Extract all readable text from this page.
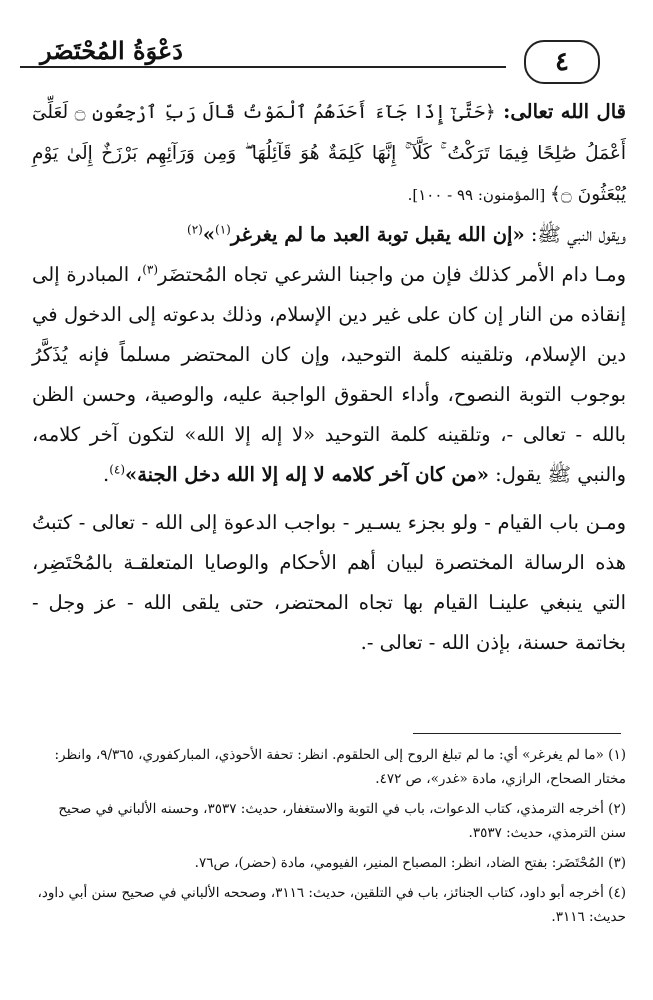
دَعْوَةُ المُحْتَضَر	٤

قال الله تعالى: ﴿حَتَّىٰٓ إِذَا جَآءَ أَحَدَهُمُ ٱلْمَوْتُ قَالَ رَبِّ ٱرْجِعُونِ ۝ لَعَلِّىٓ أَعْمَلُ صَٰلِحًا فِيمَا تَرَكْتُ ۚ كَلَّآ ۚ إِنَّهَا كَلِمَةٌ هُوَ قَآئِلُهَا ۖ وَمِن وَرَآئِهِم بَرْزَخٌ إِلَىٰ يَوْمِ يُبْعَثُونَ ۝﴾ [المؤمنون: ٩٩ - ١٠٠].

ويقول النبي ﷺ: «إن الله يقبل توبة العبد ما لم يغرغر$^{(١)}$»$^{(٢)}$

ومـا دام الأمر كذلك فإن من واجبنا الشرعي تجاه المُحتضَر$^{(٣)}$، المبادرة إلى إنقاذه من النار إن كان على غير دين الإسلام، وذلك بدعوته إلى الدخول في دين الإسلام، وتلقينه كلمة التوحيد، وإن كان المحتضر مسلماً فإنه يُذَكَّرُ بوجوب التوبة النصوح، وأداء الحقوق الواجبة عليه، والوصية، وحسن الظن بالله - تعالى -، وتلقينه كلمة التوحيد «لا إله إلا الله» لتكون آخر كلامه، والنبي ﷺ يقول: «من كان آخر كلامه لا إله إلا الله دخل الجنة»$^{(٤)}$.

ومـن باب القيام - ولو بجزء يسـير - بواجب الدعوة إلى الله - تعالى - كتبتُ هذه الرسالة المختصرة لبيان أهم الأحكام والوصايا المتعلقـة بالمُحْتَضِر، التي ينبغي علينـا القيام بها تجاه المحتضر، حتى يلقى الله - عز وجل - بخاتمة حسنة، بإذن الله - تعالى -.

(١) «ما لم يغرغر» أي: ما لم تبلغ الروح إلى الحلقوم. انظر: تحفة الأحوذي، المباركفوري، ٩/٣٦٥، وانظر: مختار الصحاح، الرازي، مادة «غدر»، ص ٤٧٢.

(٢) أخرجه الترمذي، كتاب الدعوات، باب في التوبة والاستغفار، حديث: ٣٥٣٧، وحسنه الألباني في صحيح سنن الترمذي، حديث: ٣٥٣٧.

(٣) المُحْتَضَر: بفتح الضاد، انظر: المصباح المنير، الفيومي، مادة (حضر)، ص٧٦.

(٤) أخرجه أبو داود، كتاب الجنائز، باب في التلقين، حديث: ٣١١٦، وصححه الألباني في صحيح سنن أبي داود، حديث: ٣١١٦.
